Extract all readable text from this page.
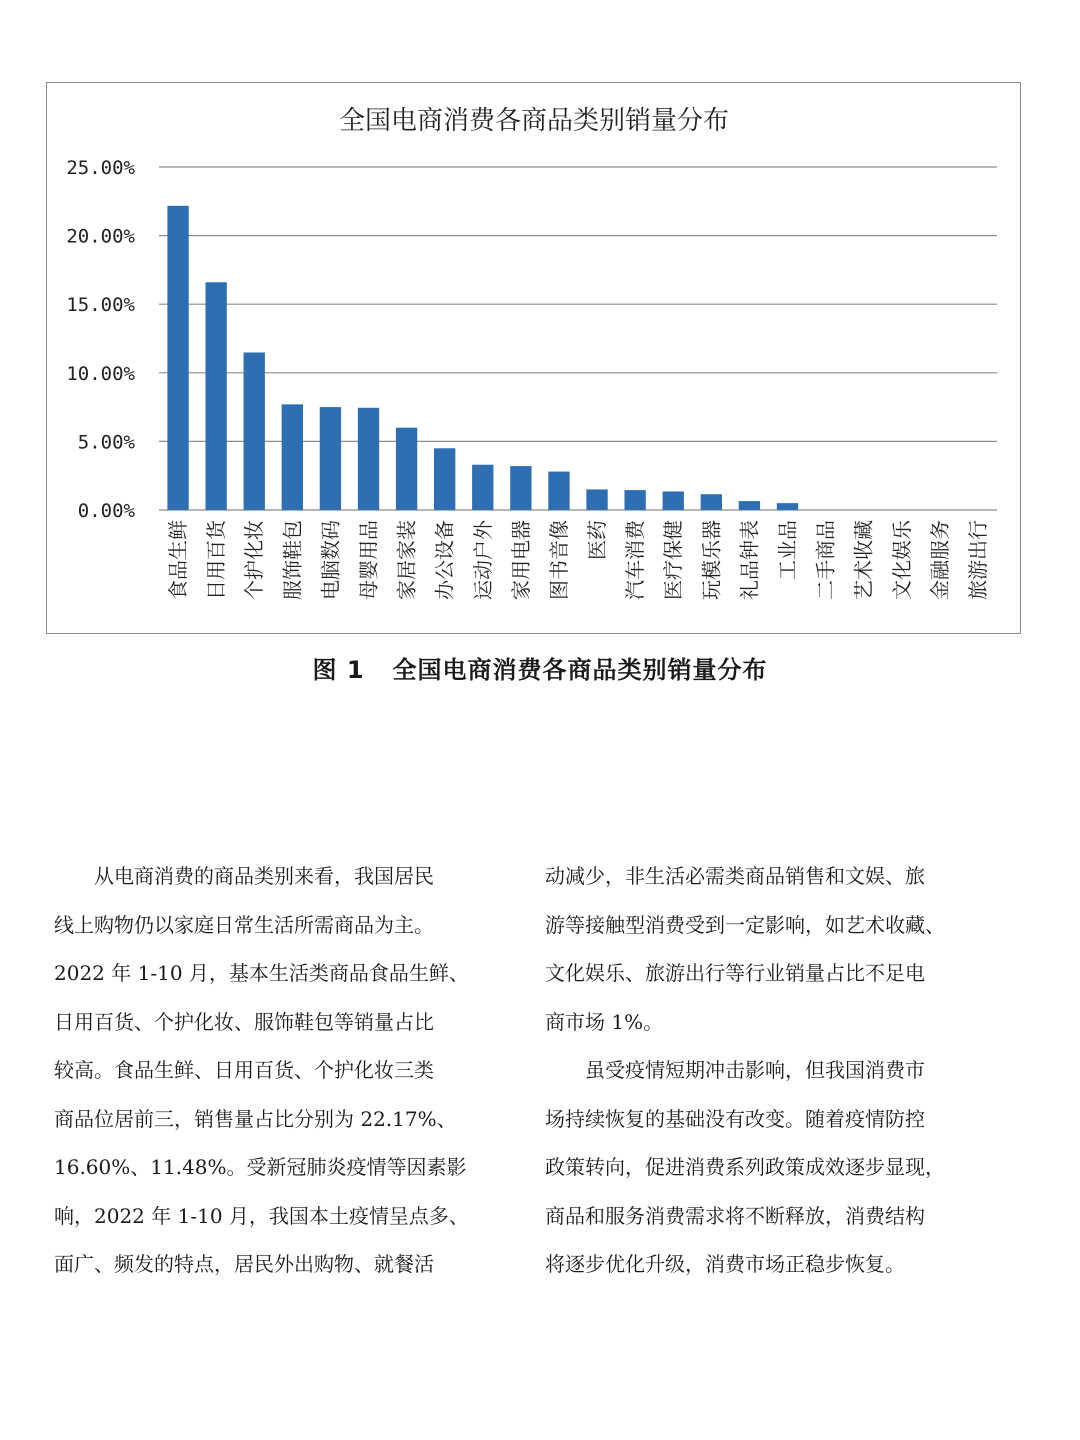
全国电商消费各商品类别销量分布
0.00%
5.00%
10.00%
15.00%
20.00%
25.00%
食品生鲜 日用百货 个护化妆 服饰鞋包 电脑数码 母婴用品 家居家装 办公设备 运动户外 家用电器 图书音像 医药 汽车消费 医疗保健 玩模乐器 礼品钟表 工业品 二手商品 艺术收藏 文化娱乐 金融服务 旅游出行
图 1 全国电商消费各商品类别销量分布

从电商消费的商品类别来看，我国居民
线上购物仍以家庭日常生活所需商品为主。
2022 年 1-10 月，基本生活类商品食品生鲜、
日用百货、个护化妆、服饰鞋包等销量占比
较高。食品生鲜、日用百货、个护化妆三类
商品位居前三，销售量占比分别为 22.17%、
16.60%、11.48%。受新冠肺炎疫情等因素影
响，2022 年 1-10 月，我国本土疫情呈点多、
面广、频发的特点，居民外出购物、就餐活

动减少，非生活必需类商品销售和文娱、旅
游等接触型消费受到一定影响，如艺术收藏、
文化娱乐、旅游出行等行业销量占比不足电
商市场 1%。

虽受疫情短期冲击影响，但我国消费市
场持续恢复的基础没有改变。随着疫情防控
政策转向，促进消费系列政策成效逐步显现，
商品和服务消费需求将不断释放，消费结构
将逐步优化升级，消费市场正稳步恢复。
